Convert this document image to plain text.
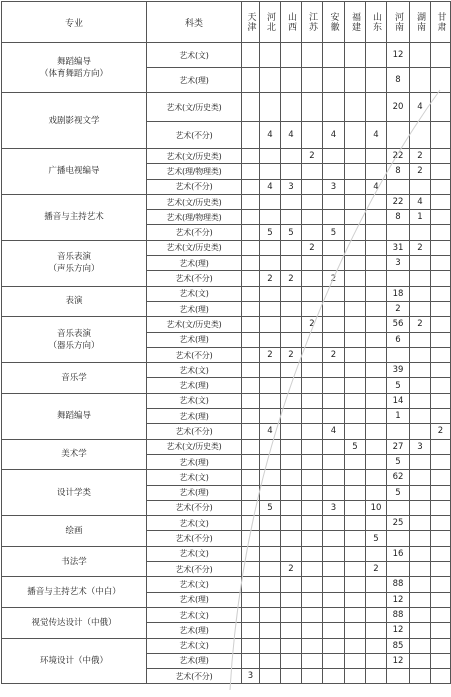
专业	科类	天津	河北	山西	江苏	安徽	福建	山东	河南	湖南	甘肃
舞蹈编导
（体育舞蹈方向）	艺术(文)								12		
	艺术(理)								8		
戏剧影视文学	艺术(文/历史类)								20	4	
	艺术(不分)		4	4		4		4			
广播电视编导	艺术(文/历史类)				2				22	2	
	艺术(理/物理类)								8	2	
	艺术(不分)		4	3		3		4			
播音与主持艺术	艺术(文/历史类)								22	4	
	艺术(理/物理类)								8	1	
	艺术(不分)		5	5		5					
音乐表演
（声乐方向）	艺术(文/历史类)				2				31	2	
	艺术(理)								3		
	艺术(不分)		2	2		2					
表演	艺术(文)								18		
	艺术(理)								2		
音乐表演
（器乐方向）	艺术(文/历史类)				2				56	2	
	艺术(理)								6		
	艺术(不分)		2	2		2					
音乐学	艺术(文)								39		
	艺术(理)								5		
舞蹈编导	艺术(文)								14		
	艺术(理)								1		
	艺术(不分)		4			4					2
美术学	艺术(文/历史类)						5		27	3	
	艺术(理)								5		
设计学类	艺术(文)								62		
	艺术(理)								5		
	艺术(不分)		5			3		10			
绘画	艺术(文)								25		
	艺术(不分)							5			
书法学	艺术(文)								16		
	艺术(不分)			2				2			
播音与主持艺术（中白）	艺术(文)								88		
	艺术(理)								12		
视觉传达设计（中俄）	艺术(文)								88		
	艺术(理)								12		
环境设计（中俄）	艺术(文)								85		
	艺术(理)								12		
	艺术(不分)	3									
